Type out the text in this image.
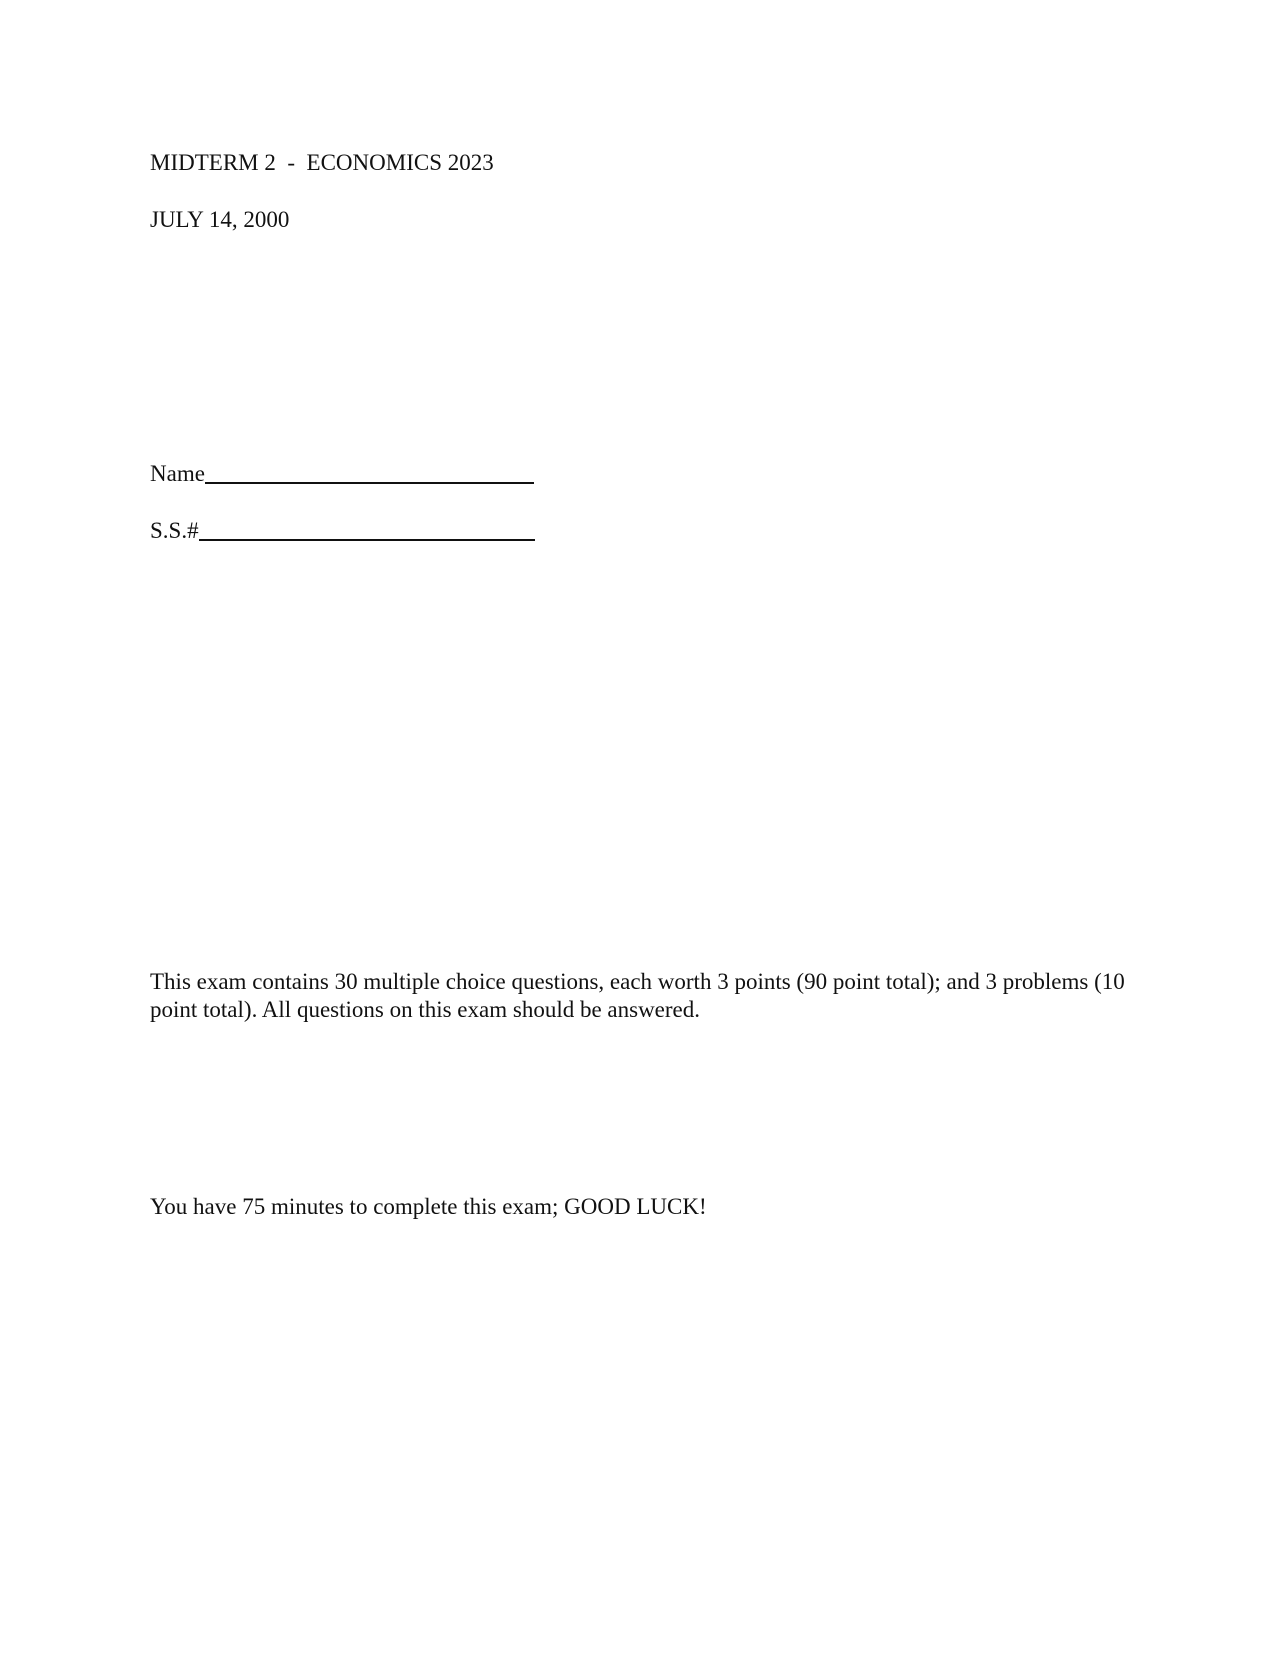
MIDTERM 2  -  ECONOMICS 2023
JULY 14, 2000
Name
S.S.#
This exam contains 30 multiple choice questions, each worth 3 points (90 point total); and 3 problems (10 point total). All questions on this exam should be answered.
You have 75 minutes to complete this exam; GOOD LUCK!
